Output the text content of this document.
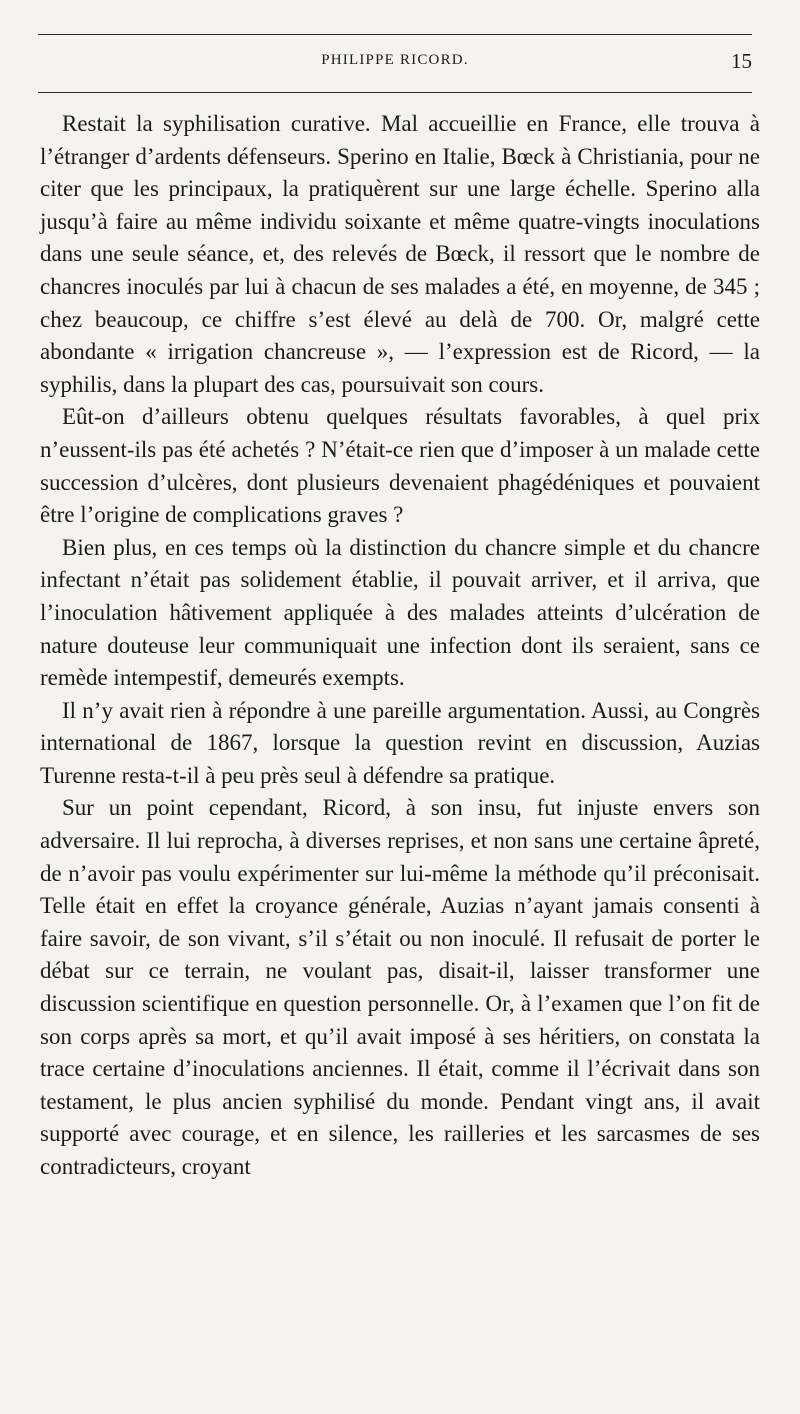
PHILIPPE RICORD.	15

Restait la syphilisation curative. Mal accueillie en France, elle trouva à l’étranger d’ardents défenseurs. Sperino en Italie, Bœck à Christiania, pour ne citer que les principaux, la pratiquèrent sur une large échelle. Sperino alla jusqu’à faire au même individu soixante et même quatre-vingts inoculations dans une seule séance, et, des relevés de Bœck, il ressort que le nombre de chancres inoculés par lui à chacun de ses malades a été, en moyenne, de 345 ; chez beaucoup, ce chiffre s’est élevé au delà de 700. Or, malgré cette abondante « irrigation chancreuse », — l’expression est de Ricord, — la syphilis, dans la plupart des cas, poursuivait son cours.

Eût-on d’ailleurs obtenu quelques résultats favorables, à quel prix n’eussent-ils pas été achetés ? N’était-ce rien que d’imposer à un malade cette succession d’ulcères, dont plusieurs devenaient phagédéniques et pouvaient être l’origine de complications graves ?

Bien plus, en ces temps où la distinction du chancre simple et du chancre infectant n’était pas solidement établie, il pouvait arriver, et il arriva, que l’inoculation hâtivement appliquée à des malades atteints d’ulcération de nature douteuse leur communiquait une infection dont ils seraient, sans ce remède intempestif, demeurés exempts.

Il n’y avait rien à répondre à une pareille argumentation. Aussi, au Congrès international de 1867, lorsque la question revint en discussion, Auzias Turenne resta-t-il à peu près seul à défendre sa pratique.

Sur un point cependant, Ricord, à son insu, fut injuste envers son adversaire. Il lui reprocha, à diverses reprises, et non sans une certaine âpreté, de n’avoir pas voulu expérimenter sur lui-même la méthode qu’il préconisait. Telle était en effet la croyance générale, Auzias n’ayant jamais consenti à faire savoir, de son vivant, s’il s’était ou non inoculé. Il refusait de porter le débat sur ce terrain, ne voulant pas, disait-il, laisser transformer une discussion scientifique en question personnelle. Or, à l’examen que l’on fit de son corps après sa mort, et qu’il avait imposé à ses héritiers, on constata la trace certaine d’inoculations anciennes. Il était, comme il l’écrivait dans son testament, le plus ancien syphilisé du monde. Pendant vingt ans, il avait supporté avec courage, et en silence, les railleries et les sarcasmes de ses contradicteurs, croyant
